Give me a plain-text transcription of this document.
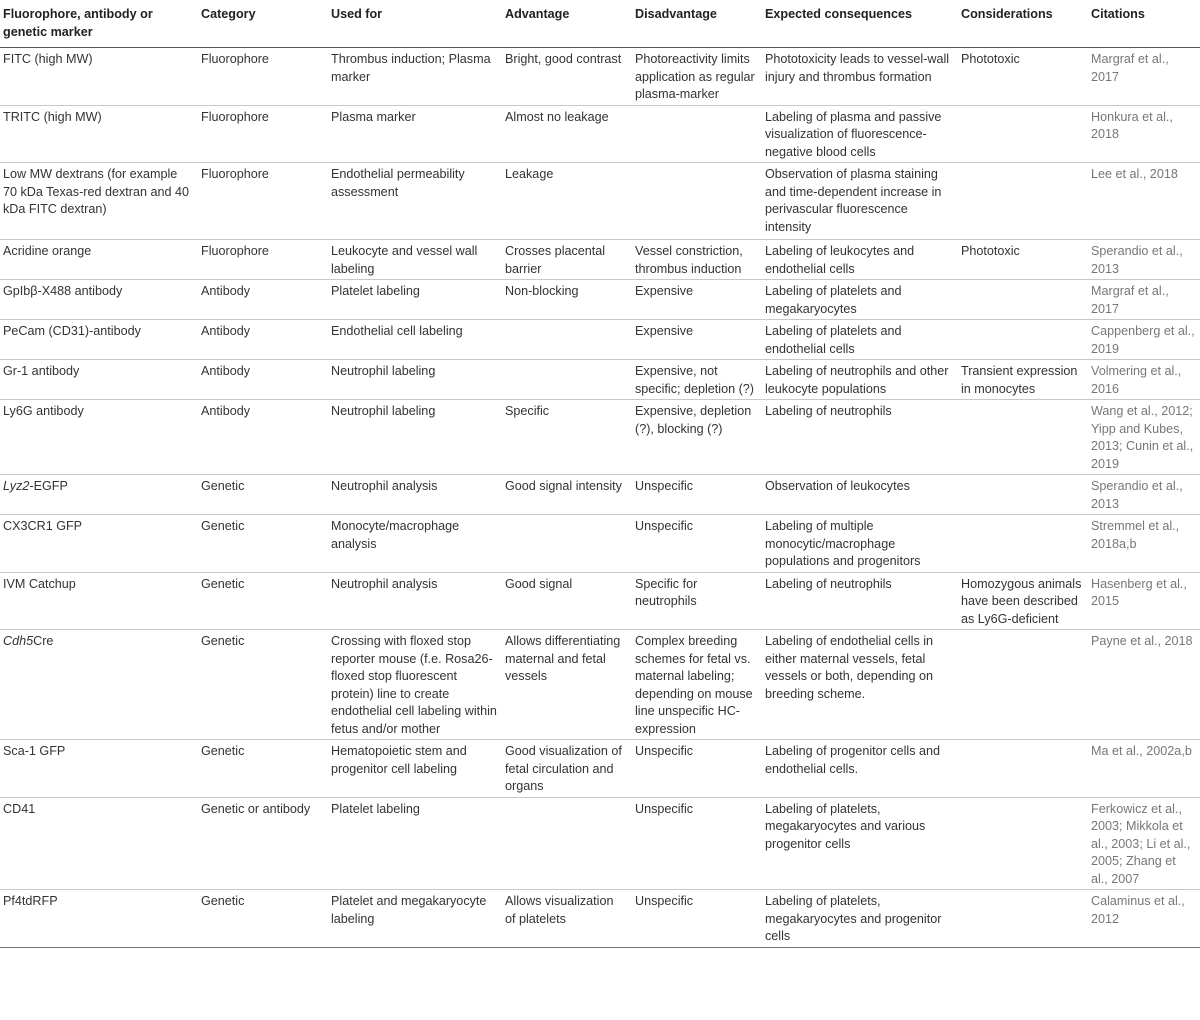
Fluorophore, antibody or genetic marker	Category	Used for	Advantage	Disadvantage	Expected consequences	Considerations	Citations
FITC (high MW)	Fluorophore	Thrombus induction; Plasma marker	Bright, good contrast	Photoreactivity limits application as regular plasma-marker	Phototoxicity leads to vessel-wall injury and thrombus formation	Phototoxic	Margraf et al., 2017
TRITC (high MW)	Fluorophore	Plasma marker	Almost no leakage		Labeling of plasma and passive visualization of fluorescence-negative blood cells		Honkura et al., 2018
Low MW dextrans (for example 70 kDa Texas-red dextran and 40 kDa FITC dextran)	Fluorophore	Endothelial permeability assessment	Leakage		Observation of plasma staining and time-dependent increase in perivascular fluorescence intensity		Lee et al., 2018
Acridine orange	Fluorophore	Leukocyte and vessel wall labeling	Crosses placental barrier	Vessel constriction, thrombus induction	Labeling of leukocytes and endothelial cells	Phototoxic	Sperandio et al., 2013
GpIbβ-X488 antibody	Antibody	Platelet labeling	Non-blocking	Expensive	Labeling of platelets and megakaryocytes		Margraf et al., 2017
PeCam (CD31)-antibody	Antibody	Endothelial cell labeling		Expensive	Labeling of platelets and endothelial cells		Cappenberg et al., 2019
Gr-1 antibody	Antibody	Neutrophil labeling		Expensive, not specific; depletion (?)	Labeling of neutrophils and other leukocyte populations	Transient expression in monocytes	Volmering et al., 2016
Ly6G antibody	Antibody	Neutrophil labeling	Specific	Expensive, depletion (?), blocking (?)	Labeling of neutrophils		Wang et al., 2012; Yipp and Kubes, 2013; Cunin et al., 2019
Lyz2-EGFP	Genetic	Neutrophil analysis	Good signal intensity	Unspecific	Observation of leukocytes		Sperandio et al., 2013
CX3CR1 GFP	Genetic	Monocyte/macrophage analysis		Unspecific	Labeling of multiple monocytic/macrophage populations and progenitors		Stremmel et al., 2018a,b
IVM Catchup	Genetic	Neutrophil analysis	Good signal	Specific for neutrophils	Labeling of neutrophils	Homozygous animals have been described as Ly6G-deficient	Hasenberg et al., 2015
Cdh5Cre	Genetic	Crossing with floxed stop reporter mouse (f.e. Rosa26-floxed stop fluorescent protein) line to create endothelial cell labeling within fetus and/or mother	Allows differentiating maternal and fetal vessels	Complex breeding schemes for fetal vs. maternal labeling; depending on mouse line unspecific HC-expression	Labeling of endothelial cells in either maternal vessels, fetal vessels or both, depending on breeding scheme.		Payne et al., 2018
Sca-1 GFP	Genetic	Hematopoietic stem and progenitor cell labeling	Good visualization of fetal circulation and organs	Unspecific	Labeling of progenitor cells and endothelial cells.		Ma et al., 2002a,b
CD41	Genetic or antibody	Platelet labeling		Unspecific	Labeling of platelets, megakaryocytes and various progenitor cells		Ferkowicz et al., 2003; Mikkola et al., 2003; Li et al., 2005; Zhang et al., 2007
Pf4tdRFP	Genetic	Platelet and megakaryocyte labeling	Allows visualization of platelets	Unspecific	Labeling of platelets, megakaryocytes and progenitor cells		Calaminus et al., 2012
